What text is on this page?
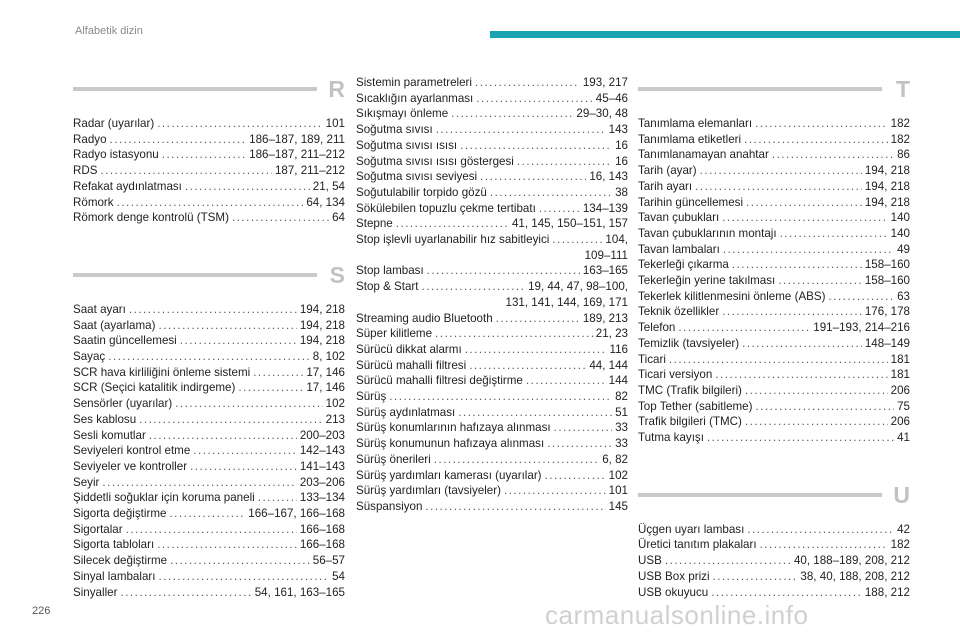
Alfabetik dizin
R
Radar (uyarılar) .....	101
Radyo .....	186–187, 189, 211
Radyo istasyonu .....	186–187, 211–212
RDS .....	187, 211–212
Refakat aydınlatması .....	21, 54
Römork .....	64, 134
Römork denge kontrolü (TSM) .....	64
S
Saat ayarı .....	194, 218
Saat (ayarlama) .....	194, 218
Saatin güncellemesi .....	194, 218
Sayaç .....	8, 102
SCR hava kirliliğini önleme sistemi .....	17, 146
SCR (Seçici katalitik indirgeme) .....	17, 146
Sensörler (uyarılar) .....	102
Ses kablosu .....	213
Sesli komutlar .....	200–203
Seviyeleri kontrol etme .....	142–143
Seviyeler ve kontroller .....	141–143
Seyir .....	203–206
Şiddetli soğuklar için koruma paneli .....	133–134
Sigorta değiştirme .....	166–167, 166–168
Sigortalar .....	166–168
Sigorta tabloları .....	166–168
Silecek değiştirme .....	56–57
Sinyal lambaları .....	54
Sinyaller .....	54, 161, 163–165
Sistemin parametreleri .....	193, 217
Sıcaklığın ayarlanması .....	45–46
Sıkışmayı önleme .....	29–30, 48
Soğutma sıvısı .....	143
Soğutma sıvısı ısısı .....	16
Soğutma sıvısı ısısı göstergesi .....	16
Soğutma sıvısı seviyesi .....	16, 143
Soğutulabilir torpido gözü .....	38
Sökülebilen topuzlu çekme tertibatı .....	134–139
Stepne .....	41, 145, 150–151, 157
Stop işlevli uyarlanabilir hız sabitleyici .....	104,
109–111
Stop lambası .....	163–165
Stop & Start .....	19, 44, 47, 98–100,
131, 141, 144, 169, 171
Streaming audio Bluetooth .....	189, 213
Süper kilitleme .....	21, 23
Sürücü dikkat alarmı .....	116
Sürücü mahalli filtresi .....	44, 144
Sürücü mahalli filtresi değiştirme .....	144
Sürüş .....	82
Sürüş aydınlatması .....	51
Sürüş konumlarının hafızaya alınması .....	33
Sürüş konumunun hafızaya alınması .....	33
Sürüş önerileri .....	6, 82
Sürüş yardımları kamerası (uyarılar) .....	102
Sürüş yardımları (tavsiyeler) .....	101
Süspansiyon .....	145
T
Tanımlama elemanları .....	182
Tanımlama etiketleri .....	182
Tanımlanamayan anahtar .....	86
Tarih (ayar) .....	194, 218
Tarih ayarı .....	194, 218
Tarihin güncellemesi .....	194, 218
Tavan çubukları .....	140
Tavan çubuklarının montajı .....	140
Tavan lambaları .....	49
Tekerleği çıkarma .....	158–160
Tekerleğin yerine takılması .....	158–160
Tekerlek kilitlenmesini önleme (ABS) .....	63
Teknik özellikler .....	176, 178
Telefon .....	191–193, 214–216
Temizlik (tavsiyeler) .....	148–149
Ticari .....	181
Ticari versiyon .....	181
TMC (Trafik bilgileri) .....	206
Top Tether (sabitleme) .....	75
Trafik bilgileri (TMC) .....	206
Tutma kayışı .....	41
U
Üçgen uyarı lambası .....	42
Üretici tanıtım plakaları .....	182
USB .....	40, 188–189, 208, 212
USB Box prizi .....	38, 40, 188, 208, 212
USB okuyucu .....	188, 212
226	carmanualsonline.info
